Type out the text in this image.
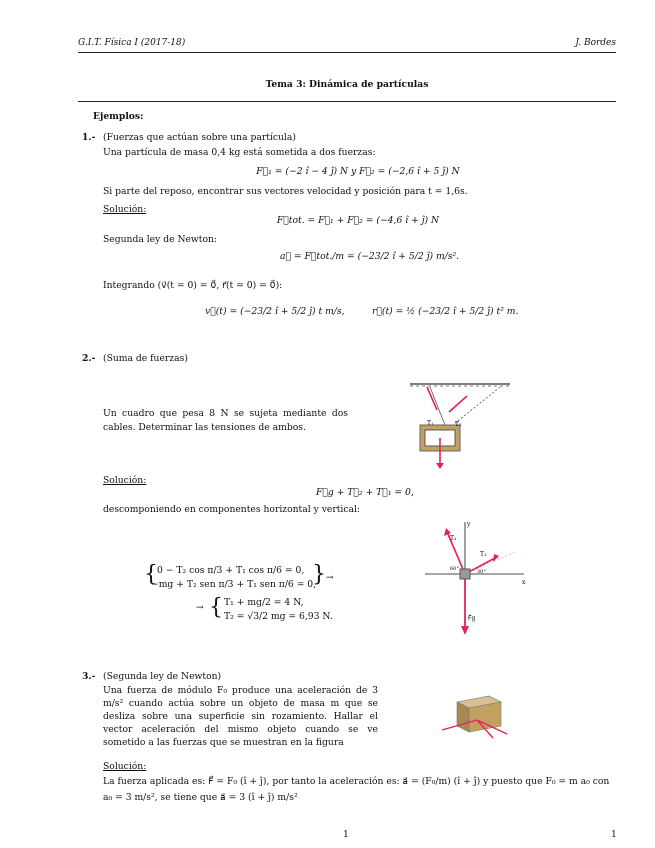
G.I.T. Física I (2017-18)	J. Bordes
Tema 3: Dinámica de partículas
Ejemplos:
1.- (Fuerzas que actúan sobre una partícula)
Una partícula de masa 0,4 kg está sometida a dos fuerzas:
F⃗₁ = (−2 î − 4 ĵ) N y F⃗₂ = (−2,6 î + 5 ĵ) N
Si parte del reposo, encontrar sus vectores velocidad y posición para t = 1,6s.
Solución:
F⃗tot. = F⃗₁ + F⃗₂ = (−4,6 î + ĵ) N
Segunda ley de Newton:
a⃗ = F⃗tot./m = (−23/2 î + 5/2 ĵ) m/s².
Integrando (v⃗(t = 0) = 0⃗, r⃗(t = 0) = 0⃗):
v⃗(t) = (−23/2 î + 5/2 ĵ) t m/s,	r⃗(t) = ½ (−23/2 î + 5/2 ĵ) t² m.
2.- (Suma de fuerzas)
Un cuadro que pesa 8 N se sujeta mediante dos cables. Determinar las tensiones de ambos.	T₁	T₂
Solución:
F⃗g + T⃗₂ + T⃗₁ = 0,
descomponiendo en componentes horizontal y vertical:
{ 0 − T₂ cos π/3 + T₁ cos π/6 = 0,
−mg + T₂ sen π/3 + T₁ sen π/6 = 0,
} →
→ { T₁ + mg/2 = 4 N,
T₂ = √3/2 mg = 6,93 N.
y
x
T₂
T₁
F⃗g
60°	30°
3.- (Segunda ley de Newton)
Una fuerza de módulo F₀ produce una aceleración de 3 m/s² cuando actúa sobre un objeto de masa m que se desliza sobre una superficie sin rozamiento. Hallar el vector aceleración del mismo objeto cuando se ve sometido a las fuerzas que se muestran en la figura
Solución:
La fuerza aplicada es: F⃗ = F₀ (î + ĵ), por tanto la aceleración es: a⃗ = (F₀/m) (î + ĵ) y puesto que F₀ = m a₀ con
a₀ = 3 m/s², se tiene que a⃗ = 3 (î + ĵ) m/s²
1	1
